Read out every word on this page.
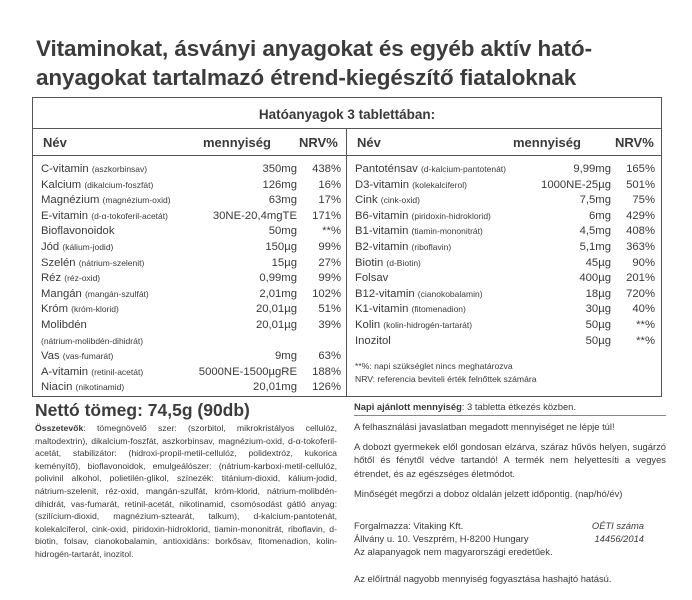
Vitaminokat, ásványi anyagokat és egyéb aktív ható-anyagokat tartalmazó étrend-kiegészítő fiataloknak
Hatóanyagok 3 tablettában:
Név	mennyiség NRV% Név	mennyiség	NRV%
C-vitamin (aszkorbinsav)	350mg 438%
Kalcium (dikalcium-foszfát)	126mg 16%
Magnézium (magnézium-oxid)	63mg 17%
E-vitamin (d-α-tokoferil-acetát)	30NE-20,4mgTE 171%
Bioflavonoidok	50mg **%
Jód (kálium-jodid)	150µg 99%
Szelén (nátrium-szelenit)	15µg 27%
Réz (réz-oxid)	0,99mg 99%
Mangán (mangán-szulfát)	2,01mg 102%
Króm (króm-klorid)	20,01µg 51%
Molibdén	20,01µg 39%
(nátrium-molibdén-dihidrát)
Vas (vas-fumarát)	9mg 63%
A-vitamin (retinil-acetát)	5000NE-1500µgRE 188%
Niacin (nikotinamid)	20,01mg 126%
Pantoténsav (d-kalcium-pantotenát)	9,99mg 165%
D3-vitamin (kolekalciferol)	1000NE-25µg 501%
Cink (cink-oxid)	7,5mg 75%
B6-vitamin (piridoxin-hidroklorid)	6mg 429%
B1-vitamin (tiamin-mononitrát)	4,5mg 408%
B2-vitamin (riboflavin)	5,1mg 363%
Biotin (d-Biotin)	45µg 90%
Folsav	400µg 201%
B12-vitamin (cianokobalamin)	18µg 720%
K1-vitamin (fitomenadion)	30µg 40%
Kolin (kolin-hidrogén-tartarát)	50µg **%
Inozitol	50µg **%
**%: napi szükséglet nincs meghatározva
NRV: referencia beviteli érték felnőttek számára
Nettó tömeg: 74,5g (90db)
Összetevők: tömegnövelő szer: (szorbitol, mikrokristályos cellulóz, maltodextrin), dikalcium-foszfát, aszkorbinsav, magnézium-oxid, d-α-tokoferil-acetát, stabilizátor: (hidroxi-propil-metil-cellulóz, polidextróz, kukorica keményítő), bioflavonoidok, emulgeálószer: (nátrium-karboxi-metil-cellulóz, polivinil alkohol, polietilén-glikol, színezék: titánium-dioxid, kálium-jodid, nátrium-szelenit, réz-oxid, mangán-szulfát, króm-klorid, nátrium-molibdén-dihidrát, vas-fumarát, retinil-acetát, nikotinamid, csomósodást gátló anyag: (szilícium-dioxid, magnézium-sztearát, talkum), d-kalcium-pantotenát, kolekalciferol, cink-oxid, piridoxin-hidroklorid, tiamin-mononitrát, riboflavin, d-biotin, folsav, cianokobalamin, antioxidáns: borkősav, fitomenadion, kolin-hidrogén-tartarát, inozitol.
Napi ajánlott mennyiség: 3 tabletta étkezés közben.
A felhasználási javaslatban megadott mennyiséget ne lépje túl!
A dobozt gyermekek elől gondosan elzárva, száraz hűvös helyen, sugárzó hőtől és fénytől védve tartandó! A termék nem helyettesíti a vegyes étrendet, és az egészséges életmódot.
Minőségét megőrzi a doboz oldalán jelzett időpontig. (nap/hó/év)
Forgalmazza: Vitaking Kft.	OÉTI száma
Állvány u. 10. Veszprém, H-8200 Hungary	14456/2014
Az alapanyagok nem magyarországi eredetűek.
Az előírtnál nagyobb mennyiség fogyasztása hashajtó hatású.
